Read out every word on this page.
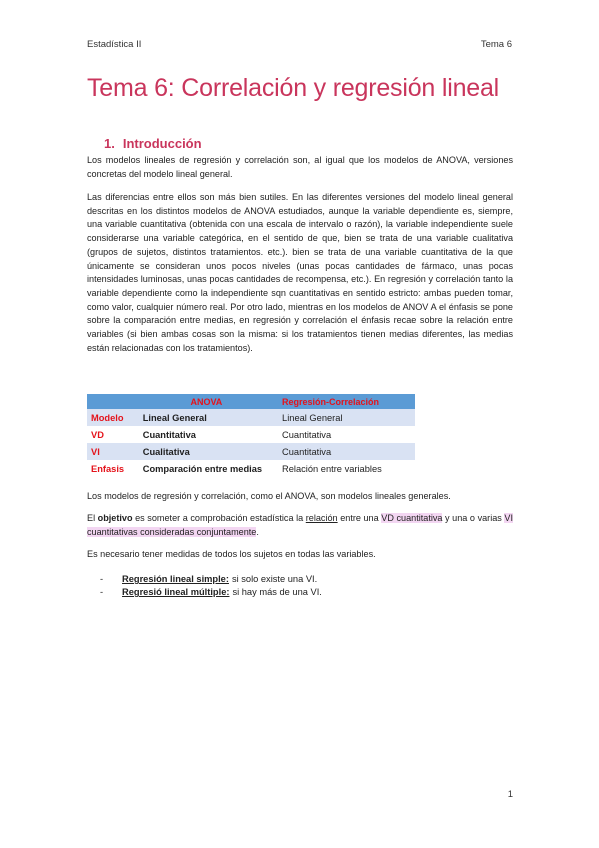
Estadística II	Tema 6
Tema 6: Correlación y regresión lineal
1. Introducción

Los modelos lineales de regresión y correlación son, al igual que los modelos de ANOVA, versiones concretas del modelo lineal general.

Las diferencias entre ellos son más bien sutiles. En las diferentes versiones del modelo lineal general descritas en los distintos modelos de ANOVA estudiados, aunque la variable dependiente es, siempre, una variable cuantitativa (obtenida con una escala de intervalo o razón), la variable independiente suele considerarse una variable categórica, en el sentido de que, bien se trata de una variable cualitativa (grupos de sujetos, distintos tratamientos. etc.). bien se trata de una variable cuantitativa de la que únicamente se consideran unos pocos niveles (unas pocas cantidades de fármaco, unas pocas intensidades luminosas, unas pocas cantidades de recompensa, etc.). En regresión y correlación tanto la variable dependiente como la independiente sqn cuantitativas en sentido estricto: ambas pueden tomar, como valor, cualquier número real. Por otro lado, mientras en los modelos de ANOV A el énfasis se pone sobre la comparación entre medias, en regresión y correlación el énfasis recae sobre la relación entre variables (si bien ambas cosas son la misma: si los tratamientos tienen medias diferentes, las medias están relacionadas con los tratamientos).

	ANOVA	Regresión-Correlación
Modelo	Lineal General	Lineal General
VD	Cuantitativa	Cuantitativa
VI	Cualitativa	Cuantitativa
Enfasis	Comparación entre medias	Relación entre variables

Los modelos de regresión y correlación, como el ANOVA, son modelos lineales generales.

El objetivo es someter a comprobación estadística la relación entre una VD cuantitativa y una o varias VI cuantitativas consideradas conjuntamente.

Es necesario tener medidas de todos los sujetos en todas las variables.

-	Regresión lineal simple: si solo existe una VI.
-	Regresió lineal múltiple: si hay más de una VI.
1
